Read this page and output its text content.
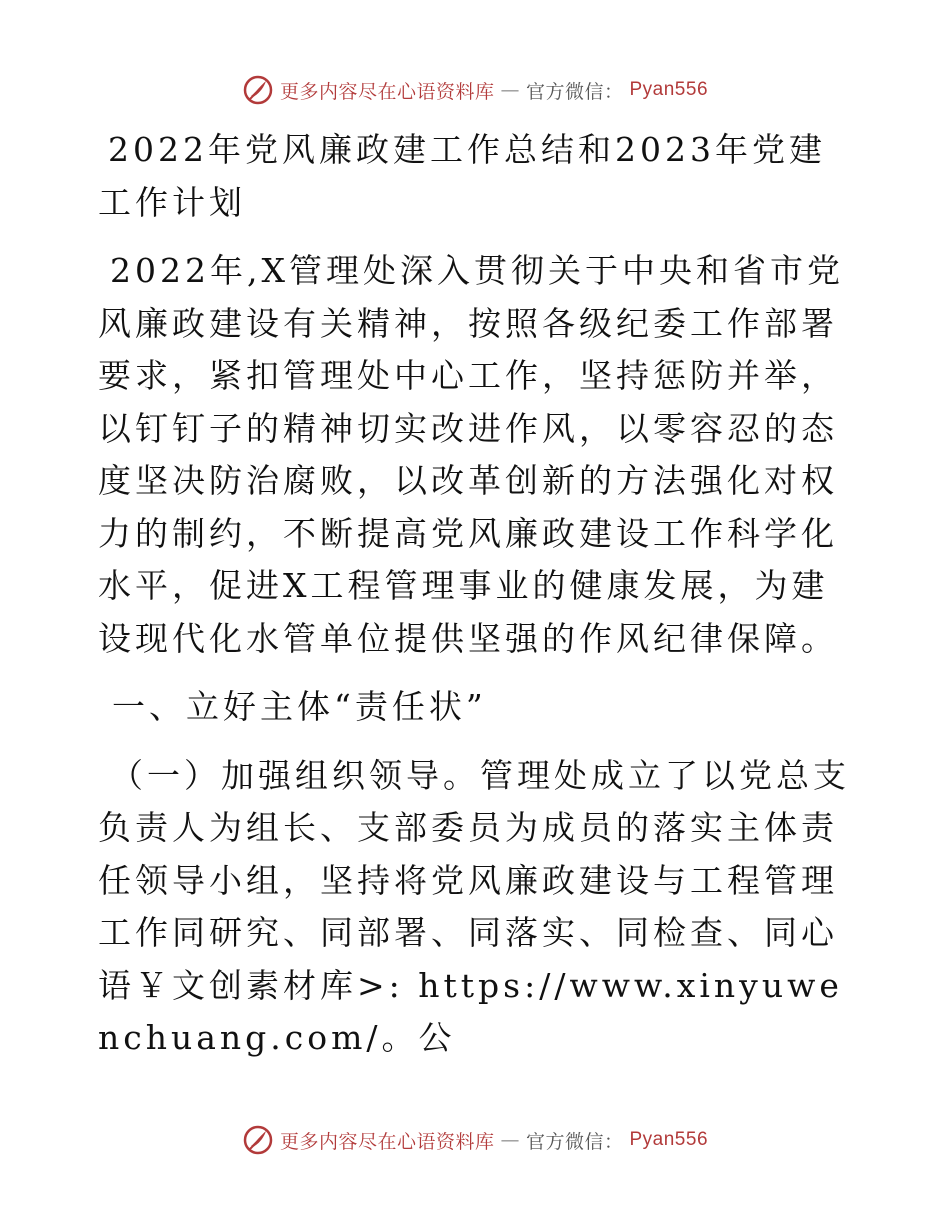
更多内容尽在心语资料库 — 官方微信： Pyan556

2022年党风廉政建工作总结和2023年党建工作计划

2022年,X管理处深入贯彻关于中央和省市党风廉政建设有关精神，按照各级纪委工作部署要求，紧扣管理处中心工作，坚持惩防并举，以钉钉子的精神切实改进作风，以零容忍的态度坚决防治腐败，以改革创新的方法强化对权力的制约，不断提高党风廉政建设工作科学化水平，促进X工程管理事业的健康发展，为建设现代化水管单位提供坚强的作风纪律保障。

一、立好主体“责任状”

（一）加强组织领导。管理处成立了以党总支负责人为组长、支部委员为成员的落实主体责任领导小组，坚持将党风廉政建设与工程管理工作同研究、同部署、同落实、同检查、同心语￥文创素材库>: https://www.xinyuwenchuang.com/。公

更多内容尽在心语资料库 — 官方微信： Pyan556
